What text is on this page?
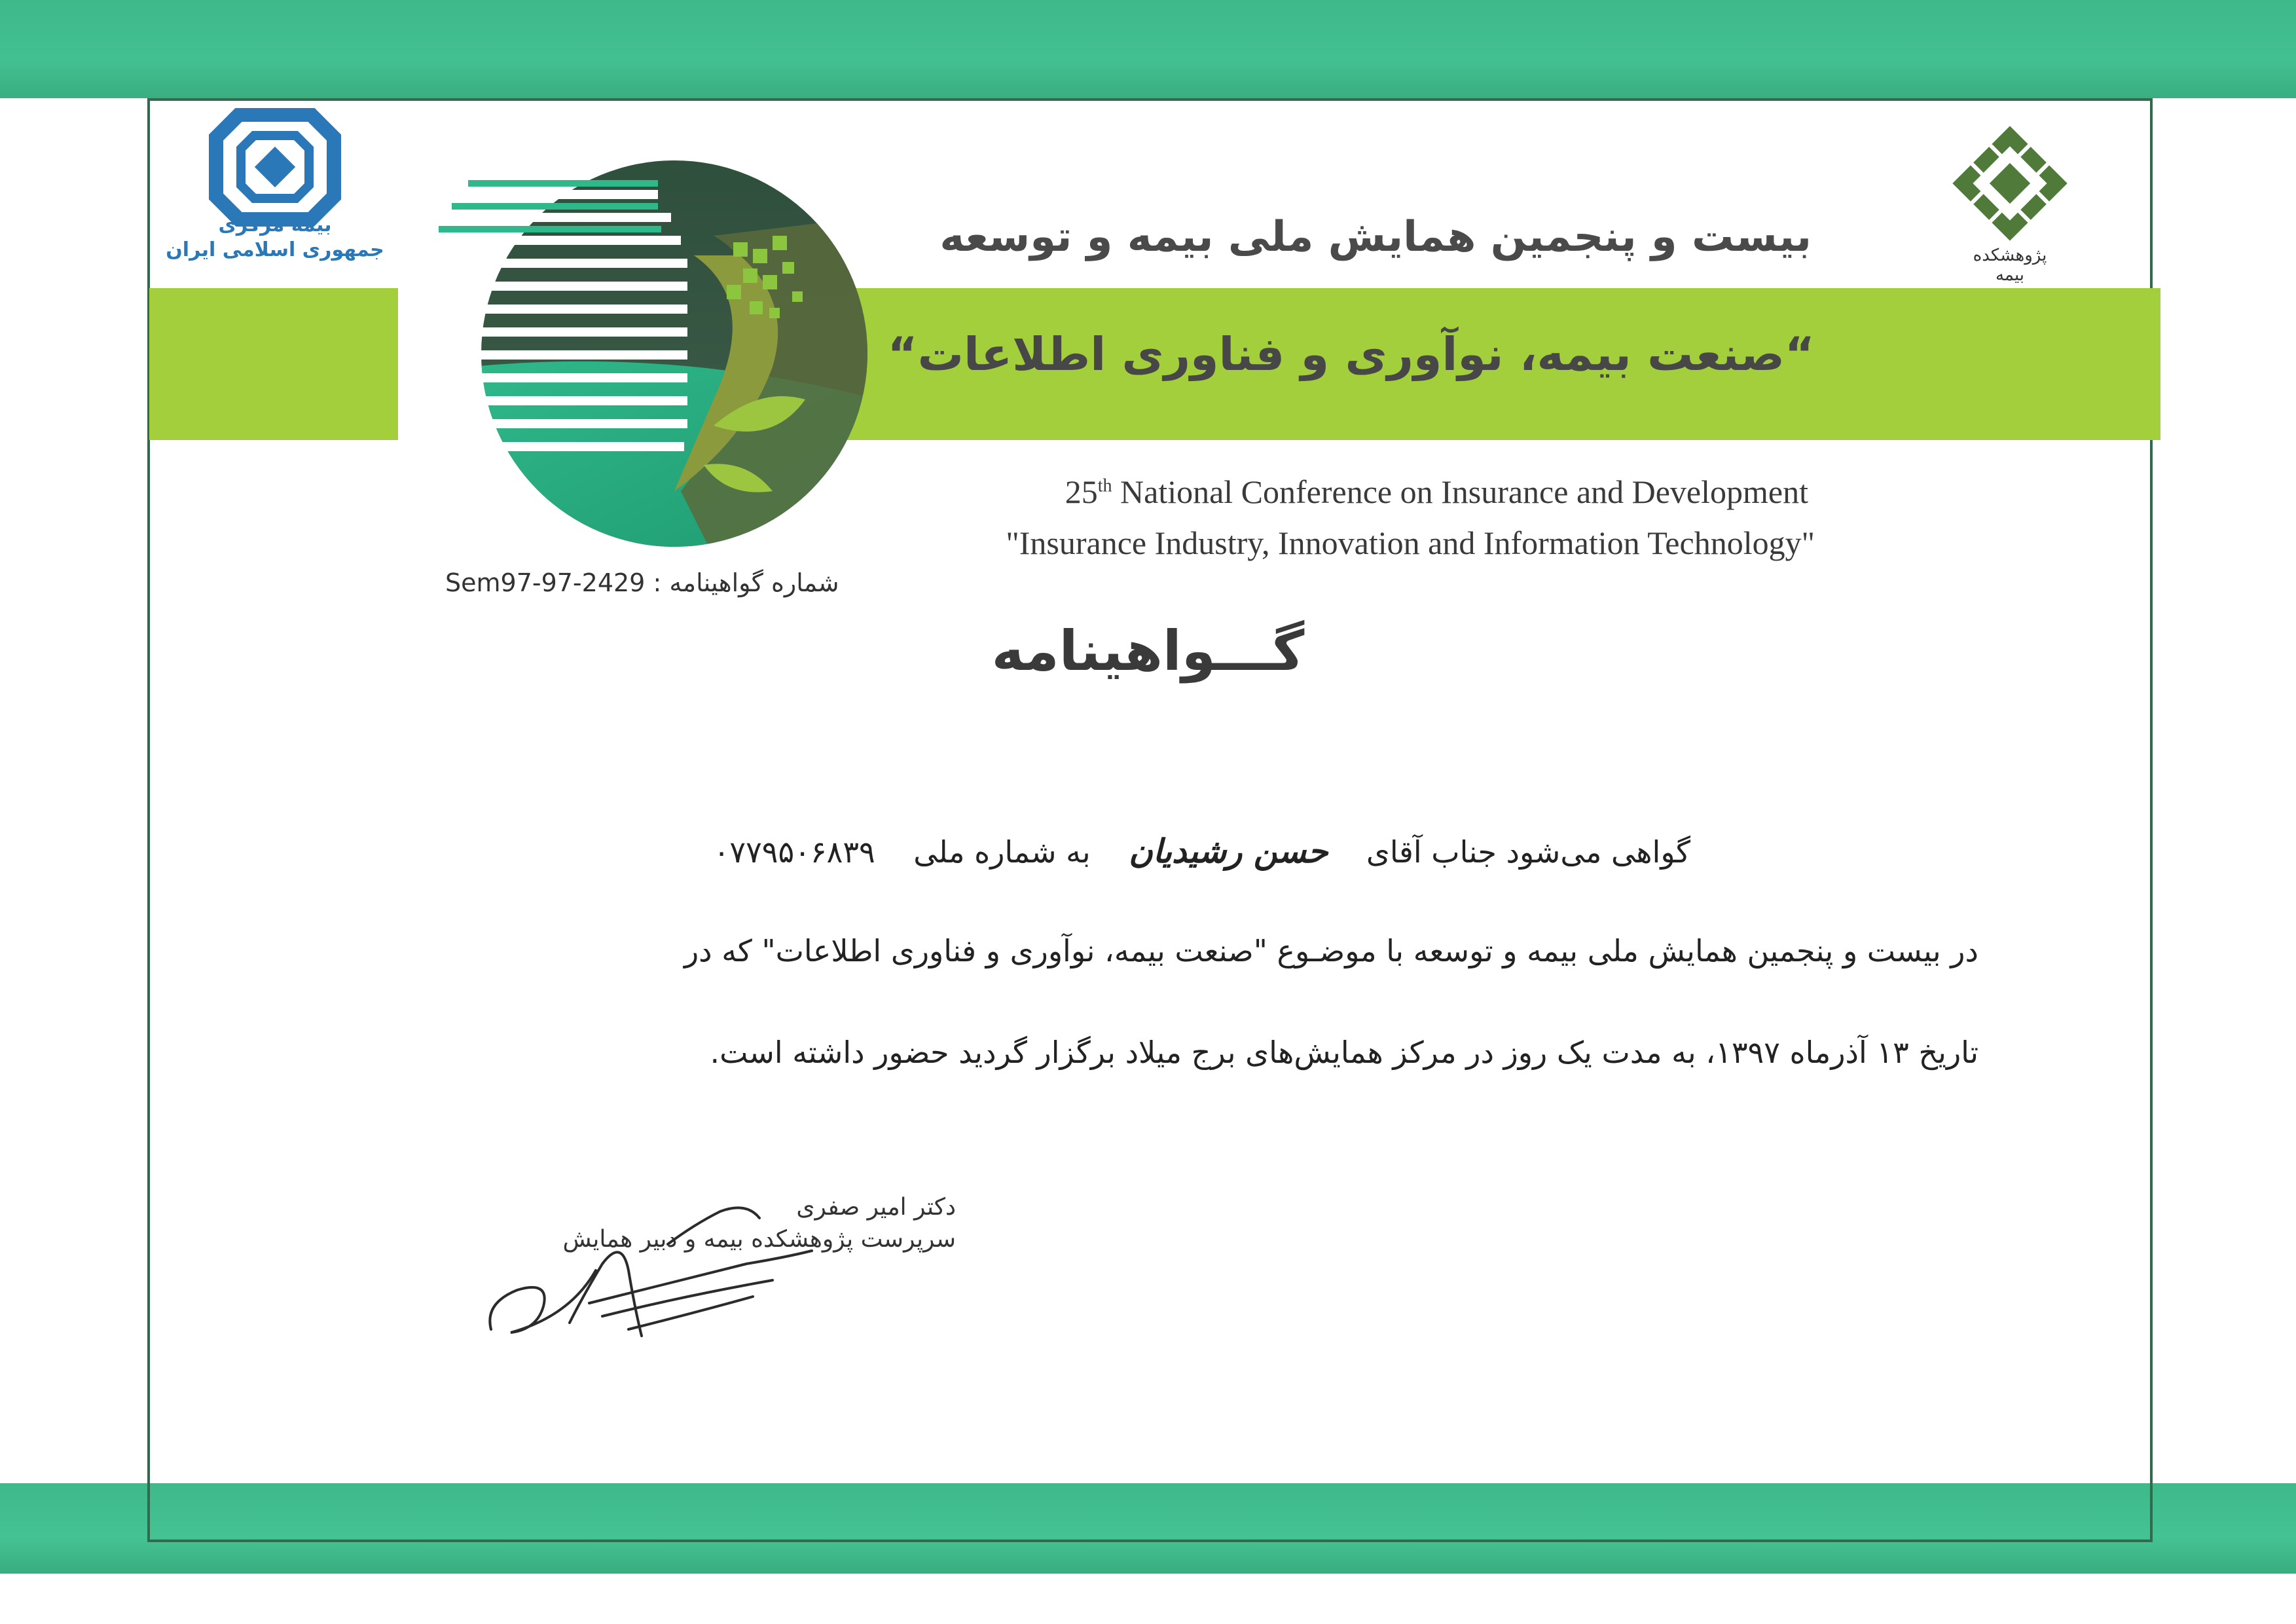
بیمه مرکزی
جمهوری اسلامی ایران	پژوهشکده بیمه
بیست و پنجمین همایش ملی بیمه و توسعه
“صنعت بیمه، نوآوری و فناوری اطلاعات“
25th National Conference on Insurance and Development
"Insurance Industry, Innovation and Information Technology"
Sem97-97-2429 شماره گواهینامه :
گـــواهینامه
گواهی می‌شود جناب آقای    حسن رشیدیان    به شماره ملی    ۰۷۷۹۵۰۶۸۳۹
در بیست و پنجمین همایش ملی بیمه و توسعه با موضـوع "صنعت بیمه، نوآوری و فناوری اطلاعات" که در
تاریخ ۱۳ آذرماه ۱۳۹۷، به مدت یک روز در مرکز همایش‌های برج میلاد برگزار گردید حضور داشته است.
دکتر امیر صفری
سرپرست پژوهشکده بیمه و دبیر همایش
